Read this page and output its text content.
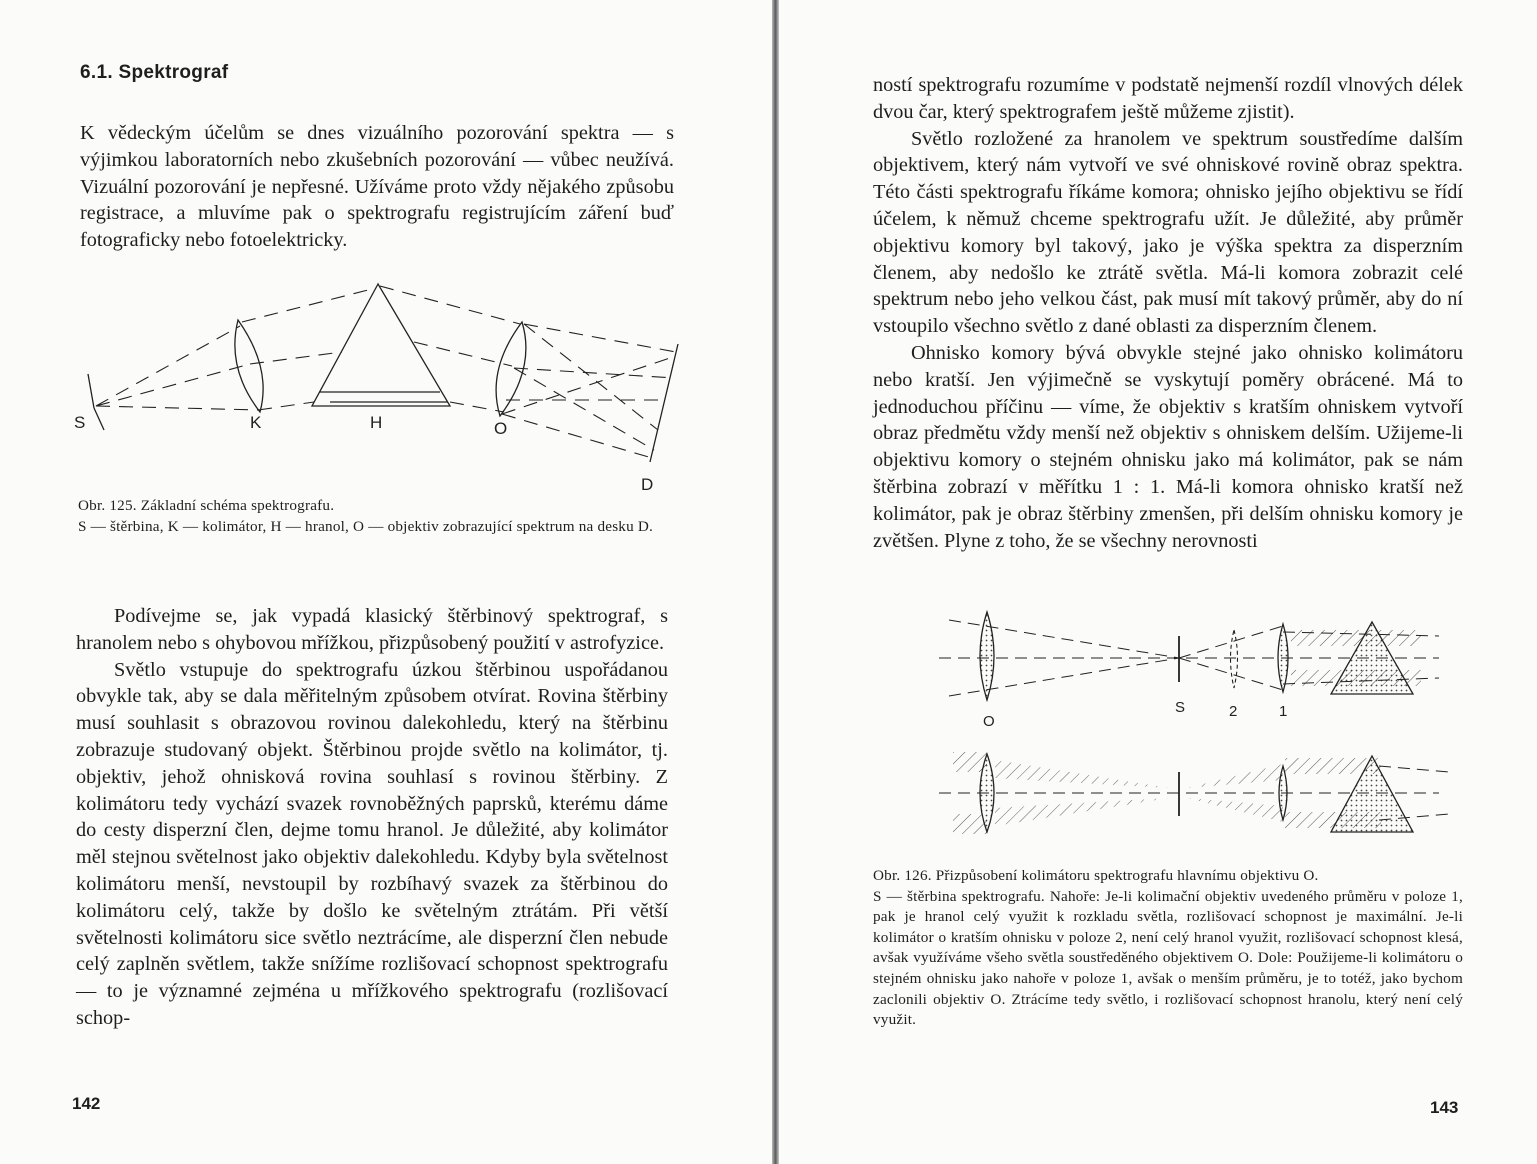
6.1. Spektrograf

K vědeckým účelům se dnes vizuálního pozorování spektra — s výjimkou laboratorních nebo zkušebních pozorování — vůbec neužívá. Vizuální pozorování je nepřesné. Užíváme proto vždy nějakého způsobu registrace, a mluvíme pak o spektrografu registrujícím záření buď fotograficky nebo fotoelektricky.

S	K	H	O
D

Obr. 125. Základní schéma spektrografu.

S — štěrbina, K — kolimátor, H — hranol, O — objektiv zobrazující spektrum na desku D.

Podívejme se, jak vypadá klasický štěrbinový spektrograf, s hranolem nebo s ohybovou mřížkou, přizpůsobený použití v astrofyzice.

Světlo vstupuje do spektrografu úzkou štěrbinou uspořádanou obvykle tak, aby se dala měřitelným způsobem otvírat. Rovina štěrbiny musí souhlasit s obrazovou rovinou dalekohledu, který na štěrbinu zobrazuje studovaný objekt. Štěrbinou projde světlo na kolimátor, tj. objektiv, jehož ohnisková rovina souhlasí s rovinou štěrbiny. Z kolimátoru tedy vychází svazek rovnoběžných paprsků, kterému dáme do cesty disperzní člen, dejme tomu hranol. Je důležité, aby kolimátor měl stejnou světelnost jako objektiv dalekohledu. Kdyby byla světelnost kolimátoru menší, nevstoupil by rozbíhavý svazek za štěrbinou do kolimátoru celý, takže by došlo ke světelným ztrátám. Při větší světelnosti kolimátoru sice světlo neztrácíme, ale disperzní člen nebude celý zaplněn světlem, takže snížíme rozlišovací schopnost spektrografu — to je významné zejména u mřížkového spektrografu (rozlišovací schop-

142

ností spektrografu rozumíme v podstatě nejmenší rozdíl vlnových délek dvou čar, který spektrografem ještě můžeme zjistit).

Světlo rozložené za hranolem ve spektrum soustředíme dalším objektivem, který nám vytvoří ve své ohniskové rovině obraz spektra. Této části spektrografu říkáme komora; ohnisko jejího objektivu se řídí účelem, k němuž chceme spektrografu užít. Je důležité, aby průměr objektivu komory byl takový, jako je výška spektra za disperzním členem, aby nedošlo ke ztrátě světla. Má-li komora zobrazit celé spektrum nebo jeho velkou část, pak musí mít takový průměr, aby do ní vstoupilo všechno světlo z dané oblasti za disperzním členem.

Ohnisko komory bývá obvykle stejné jako ohnisko kolimátoru nebo kratší. Jen výjimečně se vyskytují poměry obrácené. Má to jednoduchou příčinu — víme, že objektiv s kratším ohniskem vytvoří obraz předmětu vždy menší než objektiv s ohniskem delším. Užijeme-li objektivu komory o stejném ohnisku jako má kolimátor, pak se nám štěrbina zobrazí v měřítku 1 : 1. Má-li komora ohnisko kratší než kolimátor, pak je obraz štěrbiny zmenšen, při delším ohnisku komory je zvětšen. Plyne z toho, že se všechny nerovnosti

O
S	2	1

Obr. 126. Přizpůsobení kolimátoru spektrografu hlavnímu objektivu O.

S — štěrbina spektrografu. Nahoře: Je-li kolimační objektiv uvedeného průměru v poloze 1, pak je hranol celý využit k rozkladu světla, rozlišovací schopnost je maximální. Je-li kolimátor o kratším ohnisku v poloze 2, není celý hranol využit, rozlišovací schopnost klesá, avšak využíváme všeho světla soustředěného objektivem O. Dole: Použijeme-li kolimátoru o stejném ohnisku jako nahoře v poloze 1, avšak o menším průměru, je to totéž, jako bychom zaclonili objektiv O. Ztrácíme tedy světlo, i rozlišovací schopnost hranolu, který není celý využit.

143
